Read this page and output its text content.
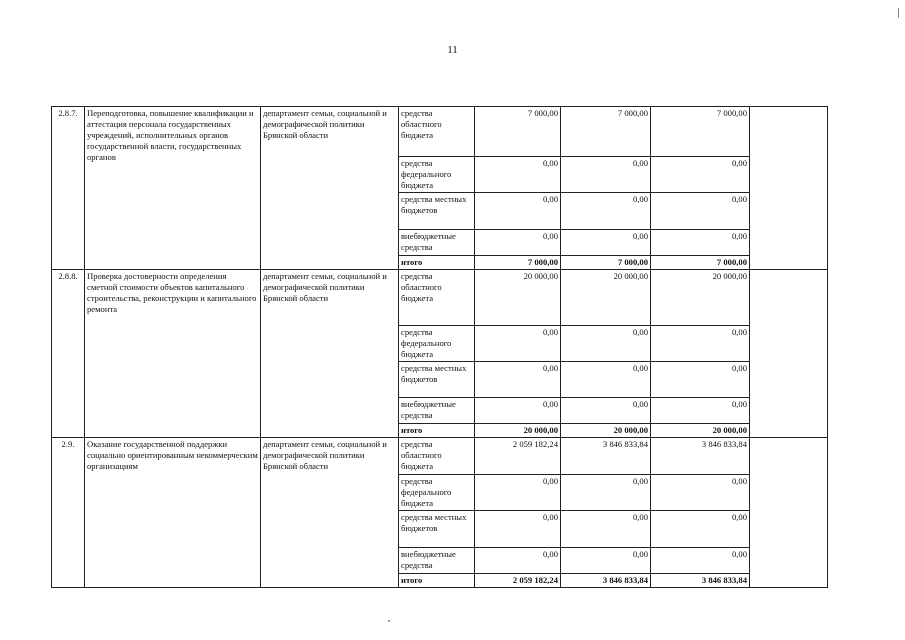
11
2.8.7.	Переподготовка, повышение квалификации и аттестация персонала государственных учреждений, исполнительных органов государственной власти, государственных органов	департамент семьи, социальной и демографической политики Брянской области	средства областного бюджета	7 000,00	7 000,00	7 000,00	
			средства федерального бюджета	0,00	0,00	0,00	
			средства местных бюджетов	0,00	0,00	0,00	
			внебюджетные средства	0,00	0,00	0,00	
			итого	7 000,00	7 000,00	7 000,00	
2.8.8.	Проверка достоверности определения сметной стоимости объектов капитального строительства, реконструкции и капитального ремонта	департамент семьи, социальной и демографической политики Брянской области	средства областного бюджета	20 000,00	20 000,00	20 000,00	
			средства федерального бюджета	0,00	0,00	0,00	
			средства местных бюджетов	0,00	0,00	0,00	
			внебюджетные средства	0,00	0,00	0,00	
			итого	20 000,00	20 000,00	20 000,00	
2.9.	Оказание государственной поддержки социально ориентированным некоммерческим организациям	департамент семьи, социальной и демографической политики Брянской области	средства областного бюджета	2 059 182,24	3 846 833,84	3 846 833,84	
			средства федерального бюджета	0,00	0,00	0,00	
			средства местных бюджетов	0,00	0,00	0,00	
			внебюджетные средства	0,00	0,00	0,00	
			итого	2 059 182,24	3 846 833,84	3 846 833,84	
